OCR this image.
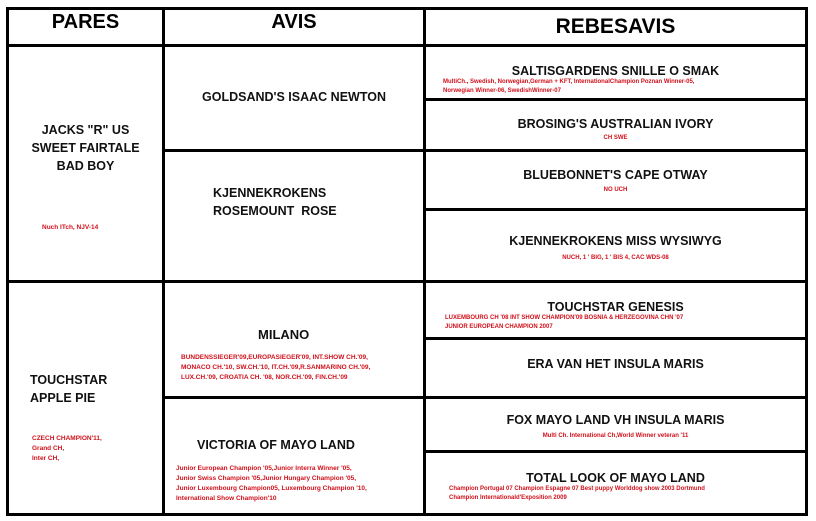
PARES	AVIS	REBESAVIS
JACKS "R" US
SWEET FAIRTALE
BAD BOY
Nuch ITch, NJV-14
TOUCHSTAR
APPLE PIE
CZECH CHAMPION'11,
Grand CH,
Inter CH,
GOLDSAND'S ISAAC NEWTON
KJENNEKROKENS
ROSEMOUNT  ROSE
MILANO
BUNDENSSIEGER'09,EUROPASIEGER'09, INT.SHOW CH.'09,
MONACO CH.'10, SW.CH.'10, IT.CH.'09,R.SANMARINO CH.'09,
LUX.CH.'09, CROATIA CH. '08, NOR.CH.'09, FIN.CH.'09
VICTORIA OF MAYO LAND
Junior European Champion '05,Junior Interra Winner '05,
Junior Swiss Champion '05,Junior Hungary Champion '05,
Junior Luxembourg Champion05, Luxembourg Champion '10,
International Show Champion'10
SALTISGARDENS SNILLE O SMAK
MultiCh., Swedish, Norwegian,German + KFT, InternationalChampion Poznan Winner-05,
Norwegian Winner-06, SwedishWinner-07
BROSING'S AUSTRALIAN IVORY
CH SWE
BLUEBONNET'S CAPE OTWAY
NO UCH
KJENNEKROKENS MISS WYSIWYG
NUCH, 1 ' BIG, 1 ' BIS 4, CAC WDS-08
TOUCHSTAR GENESIS
LUXEMBOURG CH '08 INT SHOW CHAMPION'09 BOSNIA & HERZEGOVINA CHN '07
JUNIOR EUROPEAN CHAMPION 2007
ERA VAN HET INSULA MARIS
FOX MAYO LAND VH INSULA MARIS
Multi Ch. International Ch,World Winner veteran '11
TOTAL LOOK OF MAYO LAND
Champion Portugal 07 Champion Espagne 07 Best puppy Worlddog show 2003 Dortmund
Champion Internationald'Exposition 2009
